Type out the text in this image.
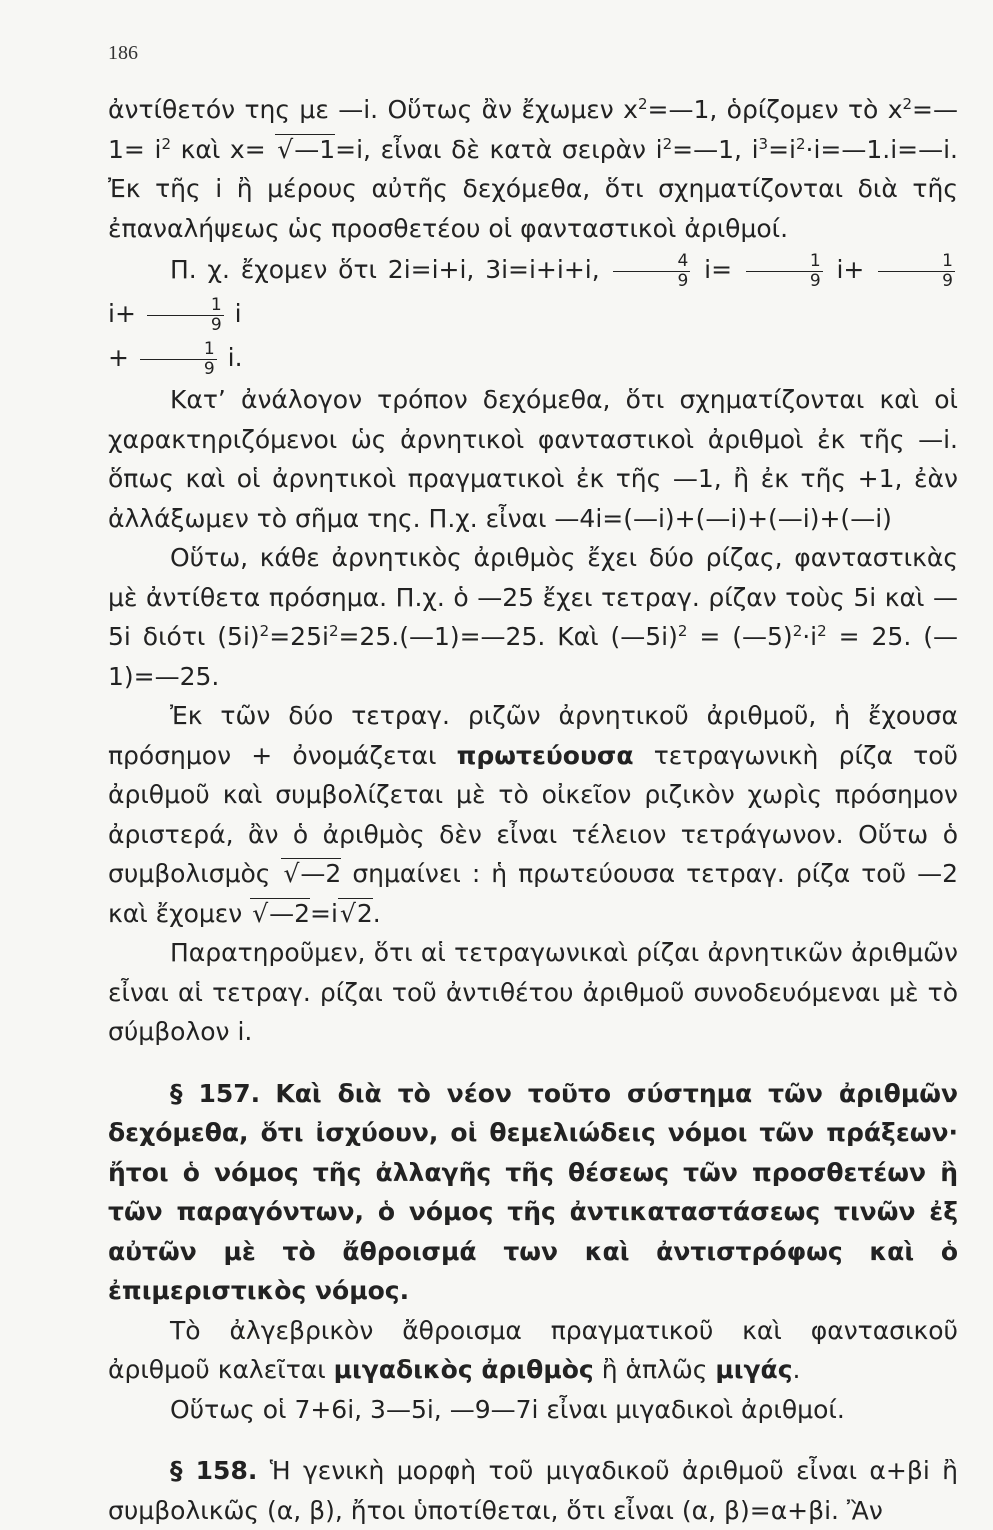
186

ἀντίθετόν της με —i. Οὕτως ἂν ἔχωμεν $x^2=—1$, ὁρίζομεν τὸ $x^2=—1= i^2$ καὶ x= √ —1=i, εἶναι δὲ κατὰ σειρὰν $i^2=—1$, $i^3=i^2\cdot i=—1.i=—i$. Ἐκ τῆς i ἢ μέρους αὐτῆς δεχόμεθα, ὅτι σχηματίζονται διὰ τῆς ἐπαναλήψεως ὡς προσθετέου οἱ φανταστικοὶ ἀριθμοί.

Π. χ. ἔχομεν ὅτι 2i=i+i, 3i=i+i+i, $\frac{4}{9} i= \frac{1}{9} i+ \frac{1}{9}$
$i+ \frac{1}{9}$ i
+ $\frac{1}{9} i$.

Κατ’ ἀνάλογον τρόπον δεχόμεθα, ὅτι σχηματίζονται καὶ οἱ χαρακτηριζόμενοι ὡς ἀρνητικοὶ φανταστικοὶ ἀριθμοὶ ἐκ τῆς —i. ὅπως καὶ οἱ ἀρνητικοὶ πραγματικοὶ ἐκ τῆς —1, ἢ ἐκ τῆς +1, ἐὰν ἀλλάξωμεν τὸ σῆμα της. Π.χ. εἶναι —4i=(—i)+(—i)+(—i)+(—i)

Οὕτω, κάθε ἀρνητικὸς ἀριθμὸς ἔχει δύο ρίζας, φανταστικὰς μὲ ἀντίθετα πρόσημα. Π.χ. ὁ —25 ἔχει τετραγ. ρίζαν τοὺς 5i καὶ —5i διότι $(5i)^2=25i^2=25.(—1)=—25$. Καὶ (—5i)$^2$ = $(—5)^2\cdot i^2 = 25$. (—1)=—25.

Ἐκ τῶν δύο τετραγ. ριζῶν ἀρνητικοῦ ἀριθμοῦ, ἡ ἔχουσα πρόσημον + ὀνομάζεται πρωτεύουσα τετραγωνικὴ ρίζα τοῦ ἀριθμοῦ καὶ συμβολίζεται μὲ τὸ οἰκεῖον ριζικὸν χωρὶς πρόσημον ἀριστερά, ἂν ὁ ἀριθμὸς δὲν εἶναι τέλειον τετράγωνον. Οὕτω ὁ συμβολισμὸς √ —2 σημαίνει : ἡ πρωτεύουσα τετραγ. ρίζα τοῦ —2 καὶ ἔχομεν √ —2=i√ 2.

Παρατηροῦμεν, ὅτι αἱ τετραγωνικαὶ ρίζαι ἀρνητικῶν ἀριθμῶν εἶναι αἱ τετραγ. ρίζαι τοῦ ἀντιθέτου ἀριθμοῦ συνοδευόμεναι μὲ τὸ σύμβολον i.

§ 157. Καὶ διὰ τὸ νέον τοῦτο σύστημα τῶν ἀριθμῶν δεχόμεθα, ὅτι ἰσχύουν, οἱ θεμελιώδεις νόμοι τῶν πράξεων· ἤτοι ὁ νόμος τῆς ἀλλαγῆς τῆς θέσεως τῶν προσθετέων ἢ τῶν παραγόντων, ὁ νόμος τῆς ἀντικαταστάσεως τινῶν ἐξ αὐτῶν μὲ τὸ ἄθροισμά των καὶ ἀντιστρόφως καὶ ὁ ἐπιμεριστικὸς νόμος.

Τὸ ἀλγεβρικὸν ἄθροισμα πραγματικοῦ καὶ φαντασικοῦ ἀριθμοῦ καλεῖται μιγαδικὸς ἀριθμὸς ἢ ἁπλῶς μιγάς.

Οὕτως οἱ 7+6i, 3—5i, —9—7i εἶναι μιγαδικοὶ ἀριθμοί.

§ 158. Ἡ γενικὴ μορφὴ τοῦ μιγαδικοῦ ἀριθμοῦ εἶναι α+βi ἢ συμβολικῶς (α, β), ἤτοι ὑποτίθεται, ὅτι εἶναι (α, β)=α+βi. Ἂν
